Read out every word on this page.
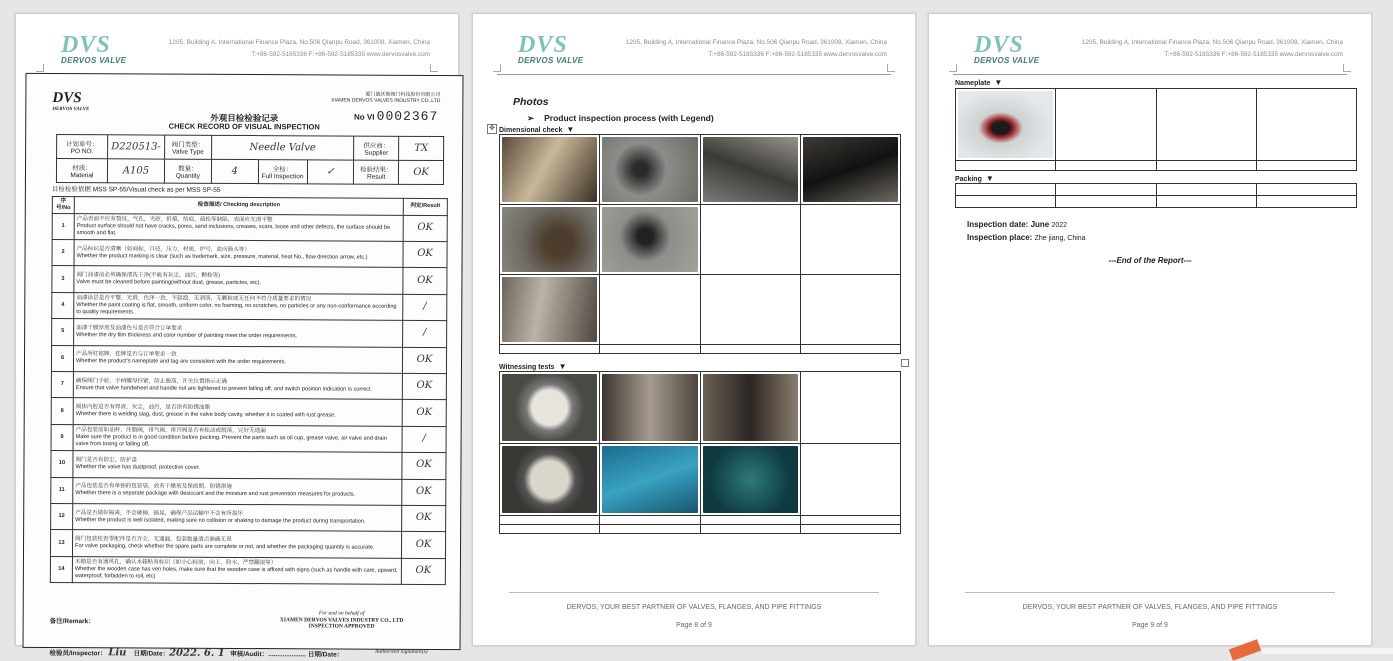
DVS
DERVOS VALVE
1205, Building A, International Finance Plaza, No.506 Qianpu Road, 361008, Xiamen, China
T:+86-592-5185336 F:+86-592-5185335 www.dervosvalve.com
DVS
DERVOS VALVE
厦门德沃斯阀门科技股份有限公司
XIAMEN DERVOS VALVES INDUSTRY CO.,LTD
外观目检检验记录
CHECK RECORD OF VISUAL INSPECTION
No VI 0002367
计划单号：
PO NO.	D220513-	阀门类型：
Valve Type	Needle Valve			供应商：
Supplier	TX
材质：
Material	A105	数量：
Quantity	4	全检：
Full Inspection	✓	检验结果：
Result	OK
目检检验依据 MSS SP-55/Visual check as per MSS SP-55
序号/No	检查描述/ Checking description	判定/Result
1	产品表面不应有裂纹，气孔，夹砂，折痕，结疤，疏松等缺陷，表面应光滑平整
Product surface should not have cracks, pores, sand inclusions, creases, scars, loose and other defects, the surface should be smooth and flat.	OK
2	产品标识是否清晰（如商标，口径，压力，材质，炉号，流向箭头等）
Whether the product marking is clear (such as trademark, size, pressure, material, heat No., flow direction arrow, etc.)	OK
3	阀门油漆前必须确保清洗干净(不能有灰尘，油污，颗粒等)
Valve must be cleaned before painting(without dust, grease, particles, etc).	OK
4	油漆涂层是否平整，光滑，色泽一致，不起泡，无剥落，无颗粒或无任何不符合质量要求的情况
Whether the paint coating is flat, smooth, uniform color, no foaming, no scratches, no particles or any non-conformance according to quality requirements.	/
5	油漆干膜厚度及油漆色号是否符合订单要求
Whether the dry film thickness and color number of painting meet the order requirements.	/
6	产品所钉铭牌，挂牌是否与订单要求一致
Whether the product's nameplate and tag are consistent with the order requirements.	OK
7	确保阀门手轮，手柄螺母拧紧，防止脱落，开关位置指示正确
Ensure that valve handwheel and handle nut are tightened to prevent falling off, and switch position indication is correct.	OK
8	阀体内腔是否有焊渣，灰尘，油污，是否涂有防锈油脂
Whether there is welding slag, dust, grease in the valve body cavity, whether it is coated with rust grease.	OK
9	产品包装前如油杯，注脂阀，排气阀，排污阀是否有松动或脱落，完好无遗漏
Make sure the product is in good condition before packing. Prevent the parts such as oil cup, grease valve, air valve and drain valve from losing or falling off.	/
10	阀门是否有防尘，防护盖
Whether the valve has dustproof, protective cover.	OK
11	产品包装是否有单独的包装袋，放有干燥剂及保质期，防锈措施
Whether there is a separate package with desiccant and the moisture and rust prevention measures for products.	OK
12	产品是否做好隔离，不会碰撞，摇晃，确保产品运输中不会有所损坏
Whether the product is well isolated, making sure no collision or shaking to damage the product during transportation.	OK
13	阀门包装检查零配件是否齐全，无遗漏，包装数量清点准确无误
For valve packaging, check whether the spare parts are complete or not, and whether the packaging quantity is accurate.	OK
14	木箱是否有通风孔，确认木箱贴有标识（如小心轻放，向上，防水，严禁翻滚等）
Whether the wooden case has ven holes, make sure that the wooden case is affixed with signs (such as handle with care, upward, waterproof, forbidden to roll, etc)	OK
备注/Remark：
For and on behalf of
XIAMEN DERVOS VALVES INDUSTRY CO., LTD
INSPECTION APPROVED
Authorized Signature(s)
检验员/Inspector： Liu 日期/Date：2022. 6. 1 审核/Audit：..................... 日期/Date：
DVS
DERVOS VALVE
1205, Building A, International Finance Plaza, No.506 Qianpu Road, 361008, Xiamen, China
T:+86-592-5185336 F:+86-592-5185335 www.dervosvalve.com
Photos
➢ Product inspection process (with Legend)
✥ Dimensional check ▼

Witnessing tests ▼

DERVOS, YOUR BEST PARTNER OF VALVES, FLANGES, AND PIPE FITTINGS
Page 8 of 9
DVS
DERVOS VALVE
1205, Building A, International Finance Plaza, No.506 Qianpu Road, 361008, Xiamen, China
T:+86-592-5185336 F:+86-592-5185335 www.dervosvalve.com
Nameplate ▼

Packing ▼

Inspection date: June 2022
Inspection place: Zhe jiang, China
---End of the Report---
DERVOS, YOUR BEST PARTNER OF VALVES, FLANGES, AND PIPE FITTINGS
Page 9 of 9
